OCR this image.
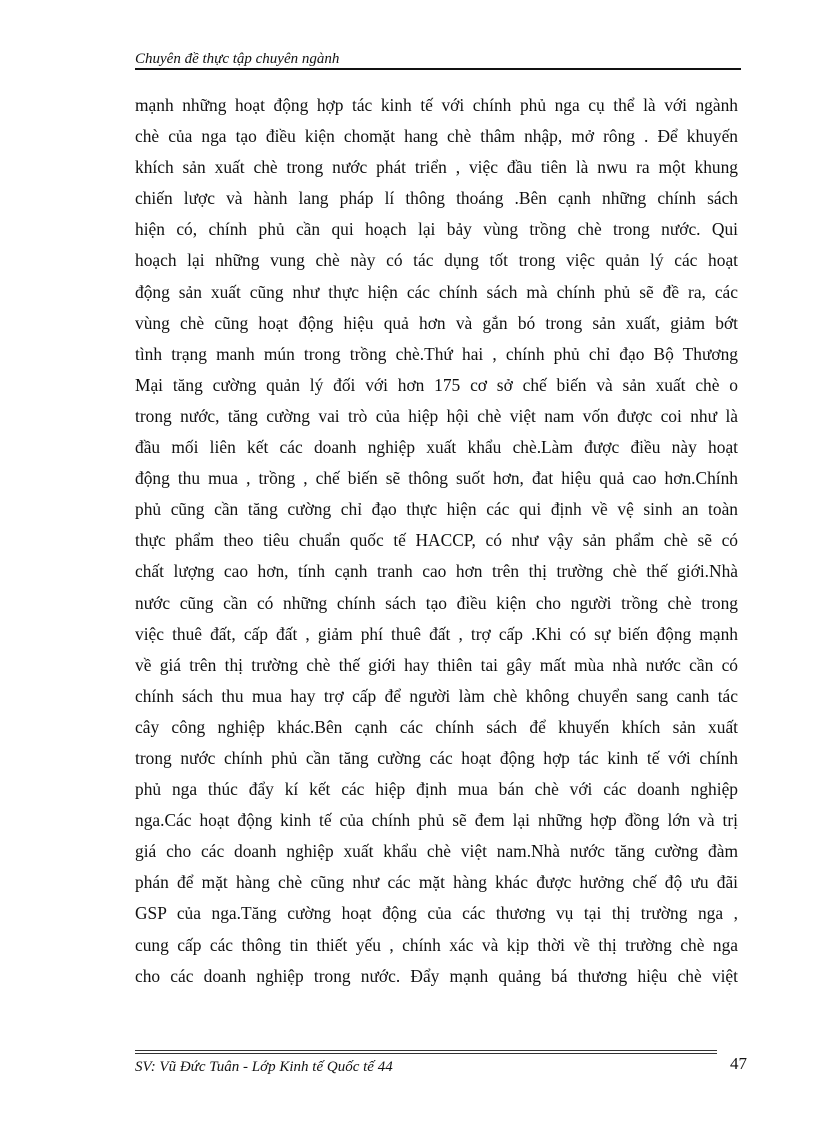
Chuyên đề thực tập chuyên ngành
mạnh những hoạt động hợp tác kinh tế với chính phủ nga cụ thể là với ngành
chè của nga tạo điều kiện chomặt hang chè thâm nhập, mở rông . Để khuyến
khích sản xuất chè trong nước phát triển , việc đầu tiên là nwu ra một khung
chiến lược và hành lang pháp lí thông thoáng .Bên cạnh những chính sách
hiện có, chính phủ cần qui hoạch lại bảy vùng trồng chè trong nước. Qui
hoạch lại những vung chè này có tác dụng tốt trong việc quản lý các hoạt
động sản xuất cũng như thực hiện các chính sách mà chính phủ sẽ đề ra, các
vùng chè cũng hoạt động hiệu quả hơn và gắn bó trong sản xuất, giảm bớt
tình trạng manh mún trong trồng chè.Thứ hai , chính phủ chỉ đạo Bộ Thương
Mại tăng cường quản lý đối với hơn 175 cơ sở chế biến và sản xuất chè o
trong nước, tăng cường vai trò của hiệp hội chè việt nam vốn được coi như là
đầu mối liên kết các doanh nghiệp xuất khẩu chè.Làm được điều này hoạt
động thu mua , trồng , chế biến sẽ thông suốt hơn, đat hiệu quả cao hơn.Chính
phủ cũng cần tăng cường chỉ đạo thực hiện các qui định về vệ sinh an toàn
thực phẩm theo tiêu chuẩn quốc tế HACCP, có như vậy sản phẩm chè sẽ có
chất lượng cao hơn, tính cạnh tranh cao hơn trên thị trường chè thế giới.Nhà
nước cũng cần có những chính sách tạo điều kiện cho người trồng chè trong
việc thuê đất, cấp đất , giảm phí thuê đất , trợ cấp .Khi có sự biến động mạnh
về giá trên thị trường chè thế giới hay thiên tai gây mất mùa nhà nước cần có
chính sách thu mua hay trợ cấp để người làm chè không chuyển sang canh tác
cây công nghiệp khác.Bên cạnh các chính sách để khuyến khích sản xuất
trong nước chính phủ cần tăng cường các hoạt động hợp tác kinh tế với chính
phủ nga thúc đẩy kí kết các hiệp định mua bán chè với các doanh nghiệp
nga.Các hoạt động kinh tế của chính phủ sẽ đem lại những hợp đồng lớn và trị
giá cho các doanh nghiệp xuất khẩu chè việt nam.Nhà nước tăng cường đàm
phán để mặt hàng chè cũng như các mặt hàng khác được hưởng chế độ ưu đãi
GSP của nga.Tăng cường hoạt động của các thương vụ tại thị trường nga ,
cung cấp các thông tin thiết yếu , chính xác và kịp thời về thị trường chè nga
cho các doanh nghiệp trong nước. Đẩy mạnh quảng bá thương hiệu chè việt
SV: Vũ Đức Tuân - Lớp Kinh tế Quốc tế 44	47
